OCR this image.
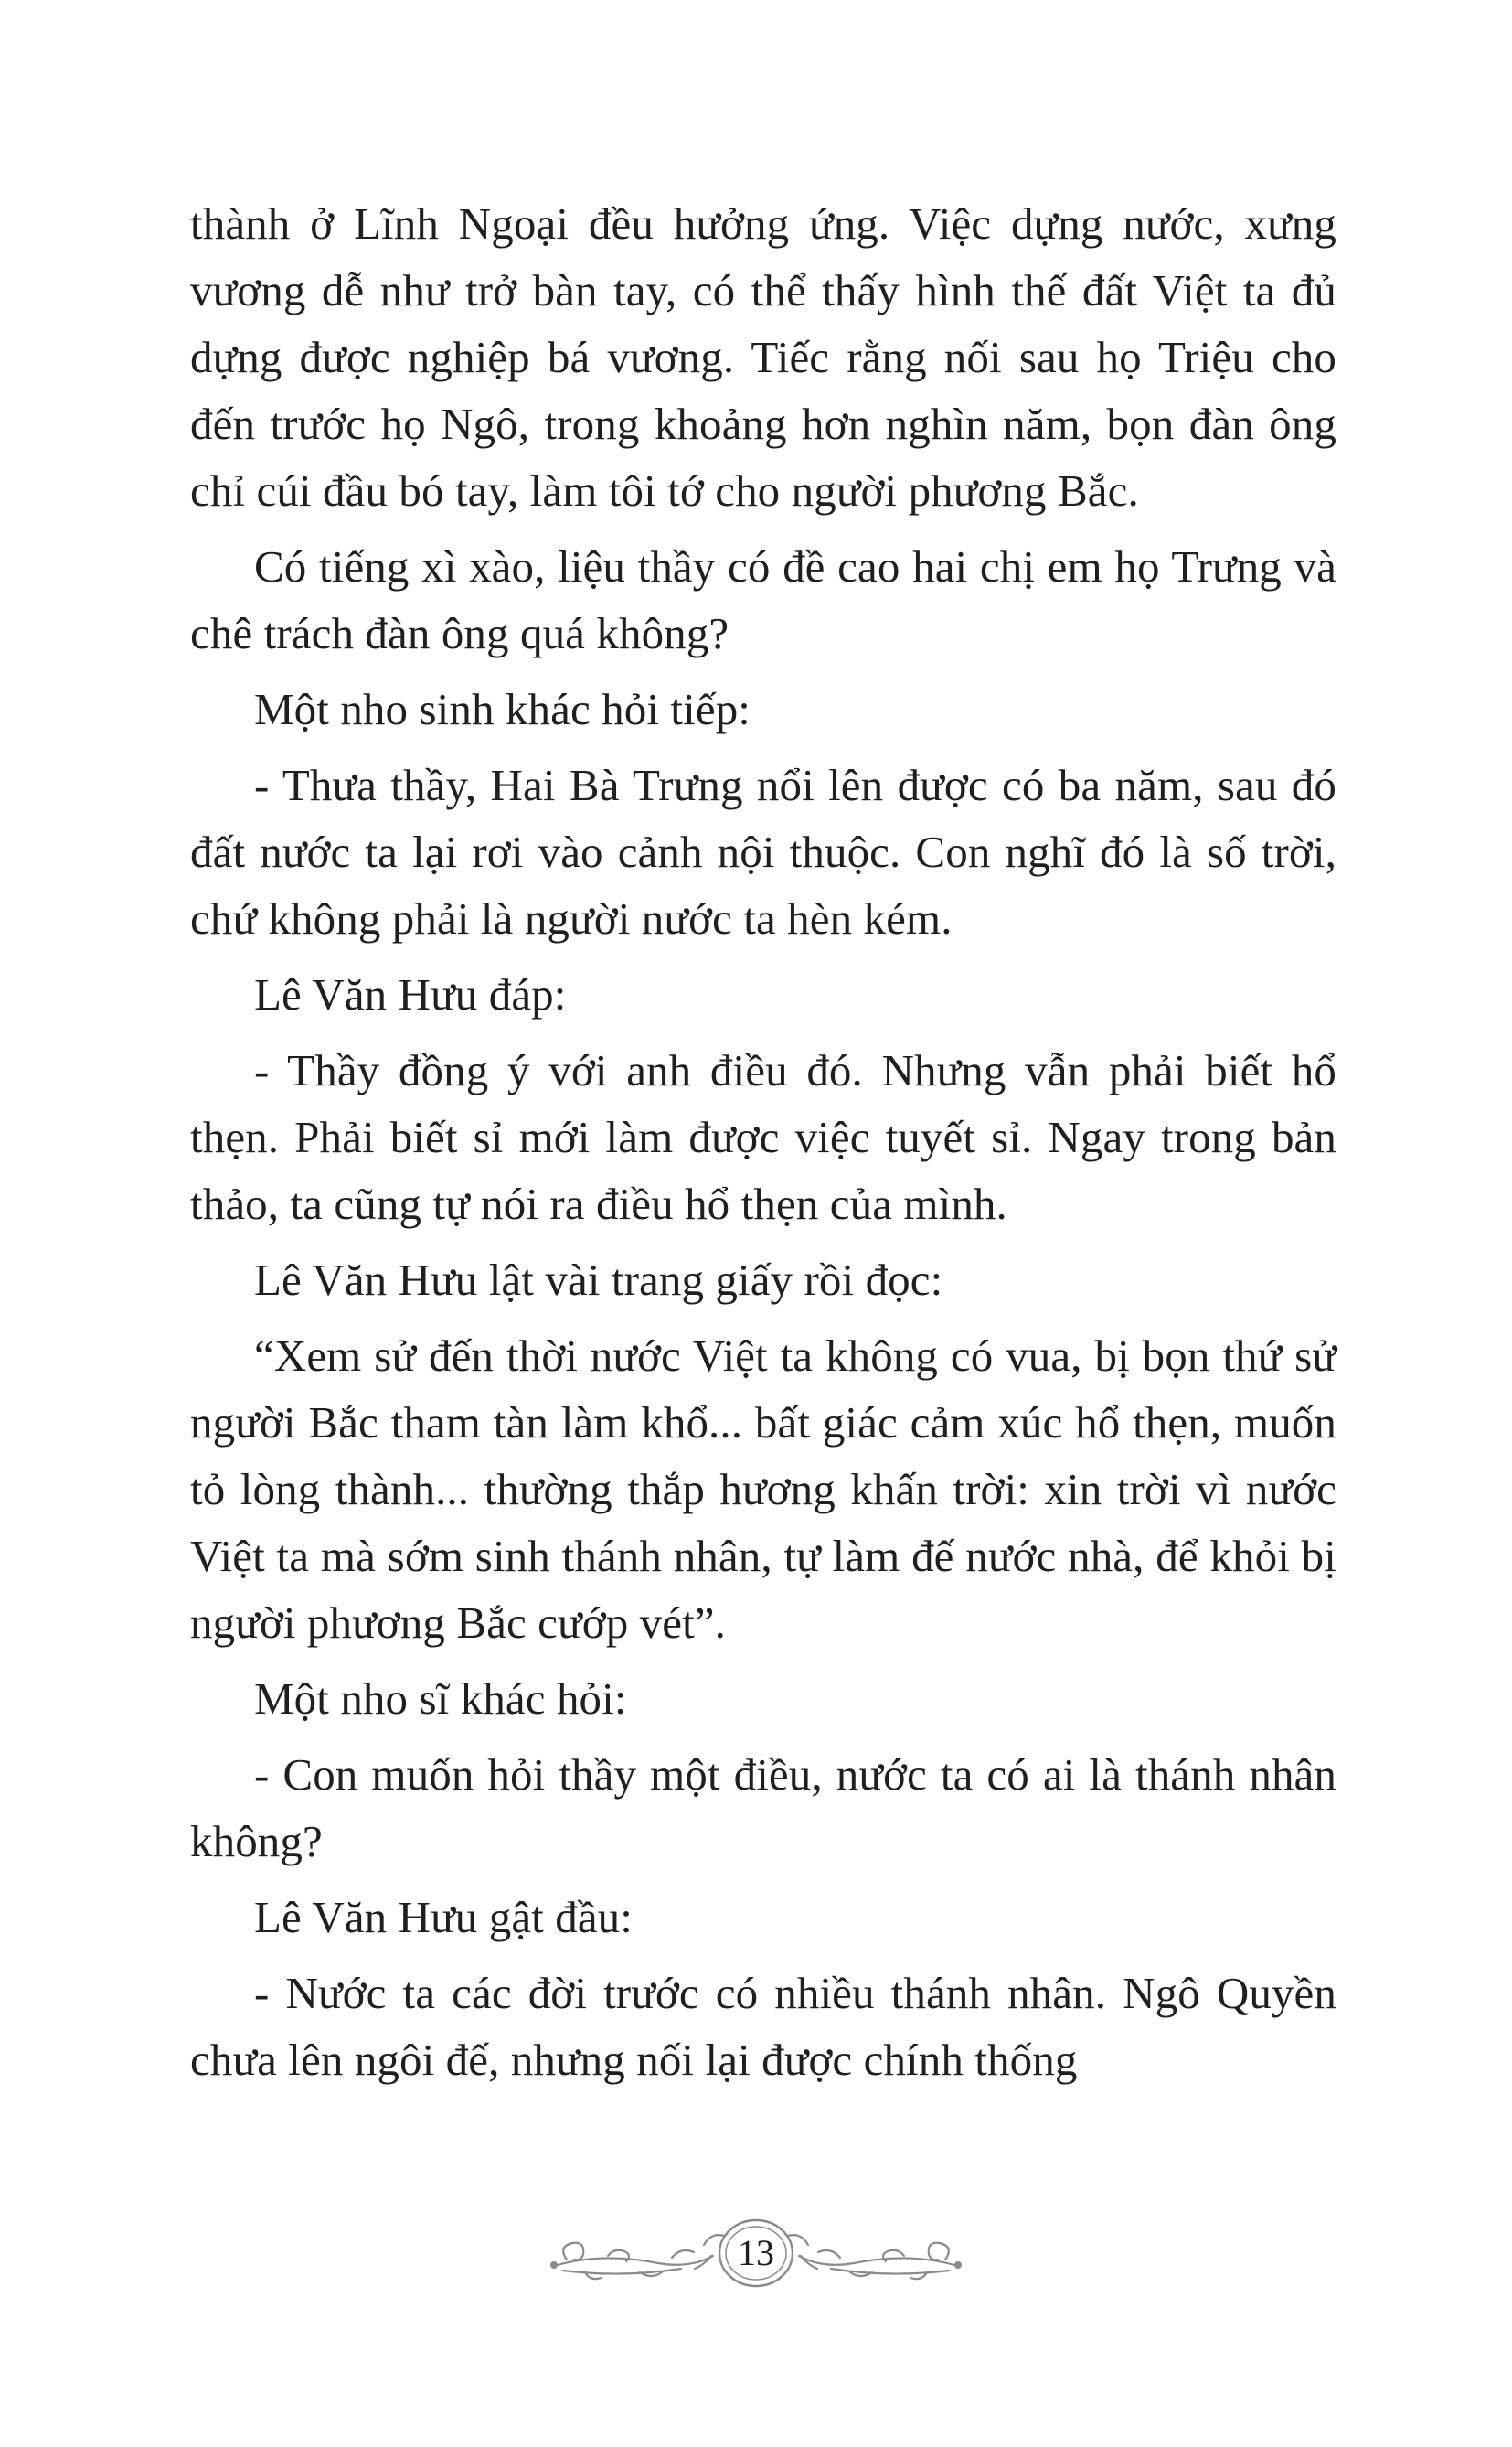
thành ở Lĩnh Ngoại đều hưởng ứng. Việc dựng nước, xưng vương dễ như trở bàn tay, có thể thấy hình thế đất Việt ta đủ dựng được nghiệp bá vương. Tiếc rằng nối sau họ Triệu cho đến trước họ Ngô, trong khoảng hơn nghìn năm, bọn đàn ông chỉ cúi đầu bó tay, làm tôi tớ cho người phương Bắc.

Có tiếng xì xào, liệu thầy có đề cao hai chị em họ Trưng và chê trách đàn ông quá không?

Một nho sinh khác hỏi tiếp:

- Thưa thầy, Hai Bà Trưng nổi lên được có ba năm, sau đó đất nước ta lại rơi vào cảnh nội thuộc. Con nghĩ đó là số trời, chứ không phải là người nước ta hèn kém.

Lê Văn Hưu đáp:

- Thầy đồng ý với anh điều đó. Nhưng vẫn phải biết hổ thẹn. Phải biết sỉ mới làm được việc tuyết sỉ. Ngay trong bản thảo, ta cũng tự nói ra điều hổ thẹn của mình.

Lê Văn Hưu lật vài trang giấy rồi đọc:

“Xem sử đến thời nước Việt ta không có vua, bị bọn thứ sử người Bắc tham tàn làm khổ... bất giác cảm xúc hổ thẹn, muốn tỏ lòng thành... thường thắp hương khấn trời: xin trời vì nước Việt ta mà sớm sinh thánh nhân, tự làm đế nước nhà, để khỏi bị người phương Bắc cướp vét”.

Một nho sĩ khác hỏi:

- Con muốn hỏi thầy một điều, nước ta có ai là thánh nhân không?

Lê Văn Hưu gật đầu:

- Nước ta các đời trước có nhiều thánh nhân. Ngô Quyền chưa lên ngôi đế, nhưng nối lại được chính thống

13
